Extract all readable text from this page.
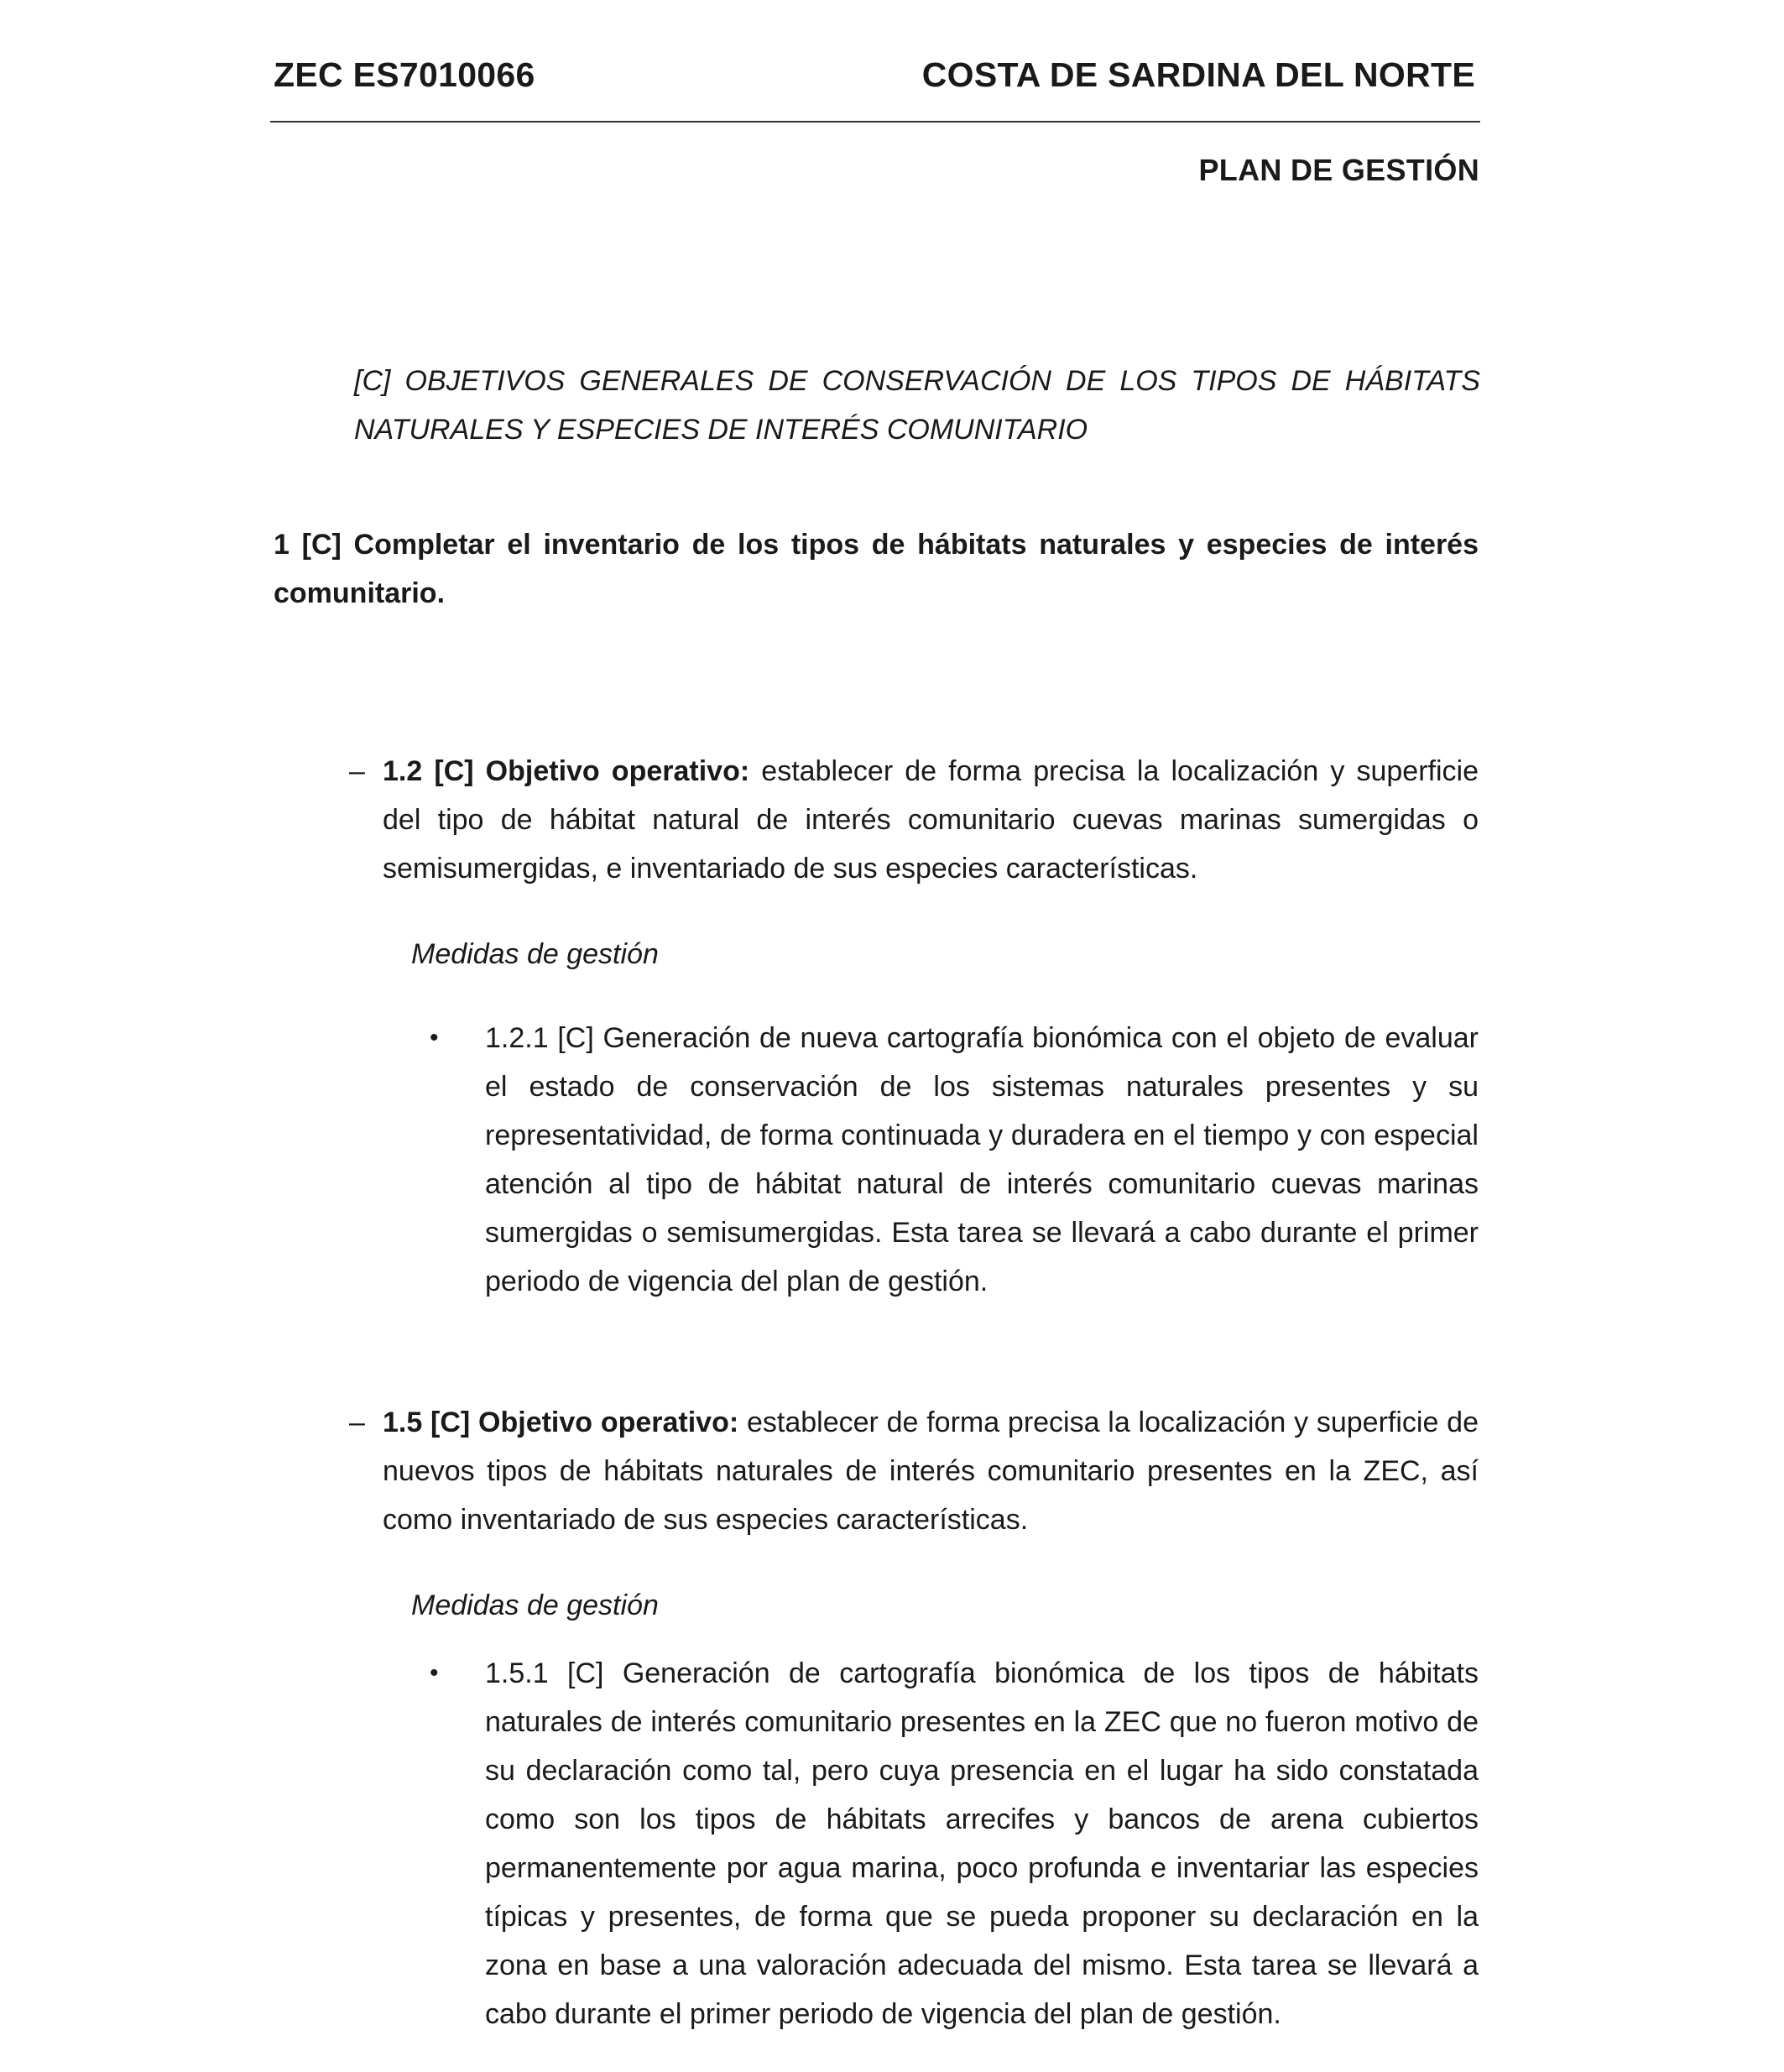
ZEC ES7010066	COSTA DE SARDINA DEL NORTE
PLAN DE GESTIÓN
[C] OBJETIVOS GENERALES DE CONSERVACIÓN DE LOS TIPOS DE HÁBITATS NATURALES Y ESPECIES DE INTERÉS COMUNITARIO
1 [C] Completar el inventario de los tipos de hábitats naturales y especies de interés comunitario.
– 1.2 [C] Objetivo operativo: establecer de forma precisa la localización y superficie del tipo de hábitat natural de interés comunitario cuevas marinas sumergidas o semisumergidas, e inventariado de sus especies características.
Medidas de gestión
• 1.2.1 [C] Generación de nueva cartografía bionómica con el objeto de evaluar el estado de conservación de los sistemas naturales presentes y su representatividad, de forma continuada y duradera en el tiempo y con especial atención al tipo de hábitat natural de interés comunitario cuevas marinas sumergidas o semisumergidas. Esta tarea se llevará a cabo durante el primer periodo de vigencia del plan de gestión.
– 1.5 [C] Objetivo operativo: establecer de forma precisa la localización y superficie de nuevos tipos de hábitats naturales de interés comunitario presentes en la ZEC, así como inventariado de sus especies características.
Medidas de gestión
• 1.5.1 [C] Generación de cartografía bionómica de los tipos de hábitats naturales de interés comunitario presentes en la ZEC que no fueron motivo de su declaración como tal, pero cuya presencia en el lugar ha sido constatada como son los tipos de hábitats arrecifes y bancos de arena cubiertos permanentemente por agua marina, poco profunda e inventariar las especies típicas y presentes, de forma que se pueda proponer su declaración en la zona en base a una valoración adecuada del mismo. Esta tarea se llevará a cabo durante el primer periodo de vigencia del plan de gestión.
